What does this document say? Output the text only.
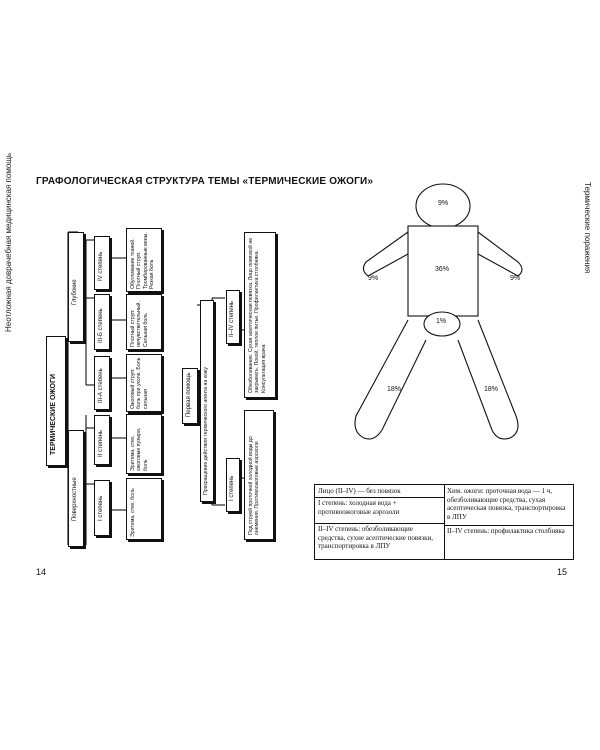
Неотложная доврачебная медицинская помощь ГРАФОЛОГИЧЕСКАЯ СТРУКТУРА ТЕМЫ «ТЕРМИЧЕСКИЕ ОЖОГИ»
ТЕРМИЧЕСКИЕ ОЖОГИ
Глубокие
Поверхностные
IV степень
III-Б степень
III-А степень
II степень
I степень
Обугливание тканей. Плотный струп. Тромбированные вены. Резкая боль
Плотный струп: нечувствительный. Сильная боль
Ожоговый струп: боль при уколе. Боль сильная
Эритема, отек, ожоговые пузыри, боль
Эритема, отек, боль
Первая помощь Прекращение действия термического агента на кожу
II–IV степень
I степень
Обезболивание. Сухая асептическая повязка. Лицо повязкой не закрывать. Покой, теплое питье. Профилактика столбняка. Консультация врача
Под струей проточной холодной воды до онемения. Противоожоговые аэрозоли
14
Термические поражения
9%
36%
9%	9%
1%
18%	18%
Лицо (II–IV) — без повязок
I степень: холодная вода + противоожоговые аэрозоли
II–IV степень: обезболивающие средства, сухие асептические повязки, транспортировка в ЛПУ
Хим. ожоги: проточная вода — 1 ч, обезболивающие средства, сухая асептическая повязка, транспортировка в ЛПУ
II–IV степень: профилактика столбняка
15
